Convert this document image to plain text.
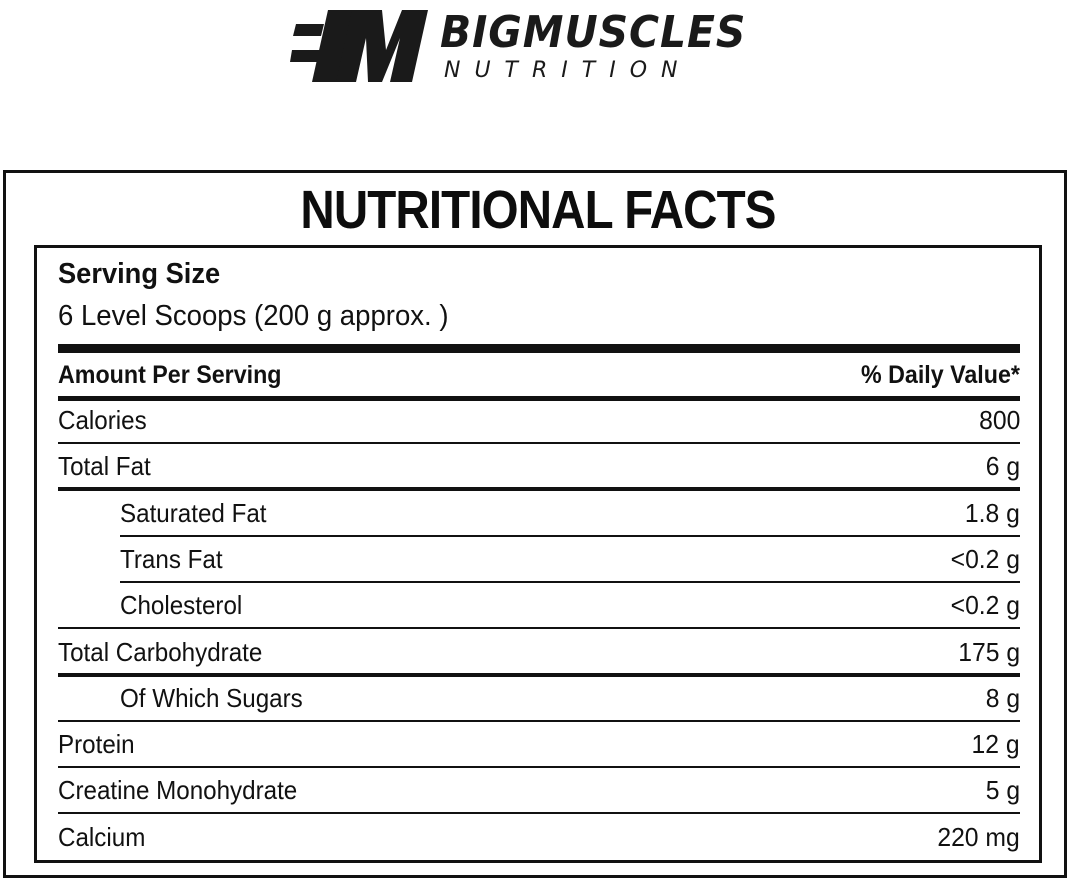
BIGMUSCLES
NUTRITION
NUTRITIONAL FACTS
Serving Size
6 Level Scoops (200 g approx. )
Amount Per Serving	% Daily Value*
Calories	800
Total Fat	6 g
Saturated Fat	1.8 g
Trans Fat	<0.2 g
Cholesterol	<0.2 g
Total Carbohydrate	175 g
Of Which Sugars	8 g
Protein	12 g
Creatine Monohydrate	5 g
Calcium	220 mg
